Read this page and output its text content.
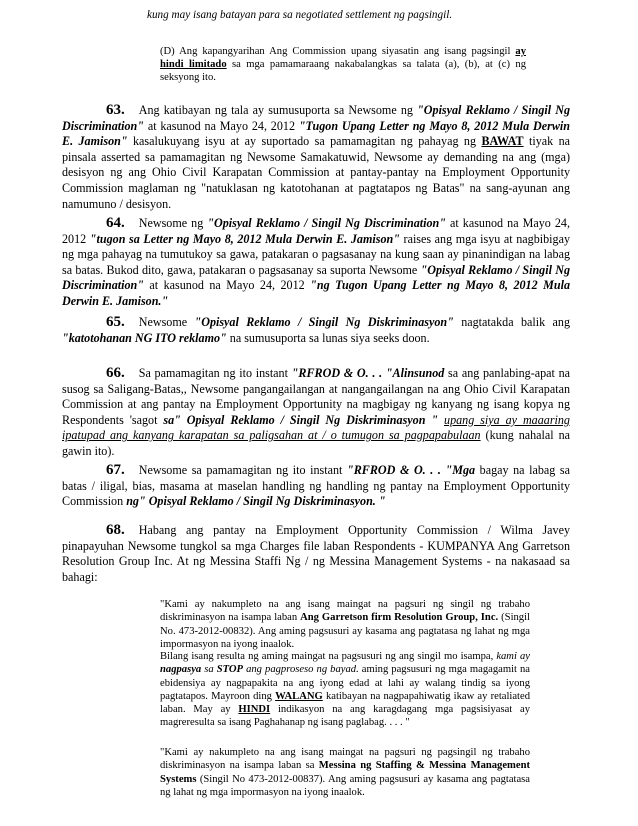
kung may isang batayan para sa negotiated settlement ng pagsingil.
(D) Ang kapangyarihan Ang Commission upang siyasatin ang isang pagsingil ay hindi limitado sa mga pamamaraang nakabalangkas sa talata (a), (b), at (c) ng seksyong ito.
63. Ang katibayan ng tala ay sumusuporta sa Newsome ng "Opisyal Reklamo / Singil Ng Discrimination" at kasunod na Mayo 24, 2012 "Tugon Upang Letter ng Mayo 8, 2012 Mula Derwin E. Jamison" kasalukuyang isyu at ay suportado sa pamamagitan ng pahayag ng BAWAT tiyak na pinsala asserted sa pamamagitan ng Newsome Samakatuwid, Newsome ay demanding na ang (mga) desisyon ng ang Ohio Civil Karapatan Commission at pantay-pantay na Employment Opportunity Commission maglaman ng "natuklasan ng katotohanan at pagtatapos ng Batas" na sang-ayunan ang namumuno / desisyon.
64. Newsome ng "Opisyal Reklamo / Singil Ng Discrimination" at kasunod na Mayo 24, 2012 "tugon sa Letter ng Mayo 8, 2012 Mula Derwin E. Jamison" raises ang mga isyu at nagbibigay ng mga pahayag na tumutukoy sa gawa, patakaran o pagsasanay na kung saan ay pinanindigan na labag sa batas. Bukod dito, gawa, patakaran o pagsasanay sa suporta Newsome "Opisyal Reklamo / Singil Ng Discrimination" at kasunod na Mayo 24, 2012 "ng Tugon Upang Letter ng Mayo 8, 2012 Mula Derwin E. Jamison."
65. Newsome "Opisyal Reklamo / Singil Ng Diskriminasyon" nagtatakda balik ang "katotohanan NG ITO reklamo" na sumusuporta sa lunas siya seeks doon.
66. Sa pamamagitan ng ito instant "RFROD & O. . . "Alinsunod sa ang panlabing-apat na susog sa Saligang-Batas,, Newsome pangangailangan at nangangailangan na ang Ohio Civil Karapatan Commission at ang pantay na Employment Opportunity na magbigay ng kanyang ng isang kopya ng Respondents 'sagot sa" Opisyal Reklamo / Singil Ng Diskriminasyon " upang siya ay maaaring ipatupad ang kanyang karapatan sa paligsahan at / o tumugon sa pagpapabulaan (kung nahalal na gawin ito).
67. Newsome sa pamamagitan ng ito instant "RFROD & O. . . "Mga bagay na labag sa batas / iligal, bias, masama at maselan handling ng handling ng pantay na Employment Opportunity Commission ng" Opisyal Reklamo / Singil Ng Diskriminasyon. "
68. Habang ang pantay na Employment Opportunity Commission / Wilma Javey pinapayuhan Newsome tungkol sa mga Charges file laban Respondents - KUMPANYA Ang Garretson Resolution Group Inc. At ng Messina Staffi Ng / ng Messina Management Systems - na nakasaad sa bahagi:
"Kami ay nakumpleto na ang isang maingat na pagsuri ng singil ng trabaho diskriminasyon na isampa laban Ang Garretson firm Resolution Group, Inc. (Singil No. 473-2012-00832). Ang aming pagsusuri ay kasama ang pagtatasa ng lahat ng mga impormasyon na iyong inaalok.
Bilang isang resulta ng aming maingat na pagsusuri ng ang singil mo isampa, kami ay nagpasya sa STOP ang pagproseso ng bayad. aming pagsusuri ng mga magagamit na ebidensiya ay nagpapakita na ang iyong edad at lahi ay walang tindig sa iyong pagtatapos. Mayroon ding WALANG katibayan na nagpapahiwatig ikaw ay retaliated laban. May ay HINDI indikasyon na ang karagdagang mga pagsisiyasat ay magreresulta sa isang Paghahanap ng isang paglabag. . . . "
"Kami ay nakumpleto na ang isang maingat na pagsuri ng pagsingil ng trabaho diskriminasyon na isampa laban sa Messina ng Staffing & Messina Management Systems (Singil No 473-2012-00837). Ang aming pagsusuri ay kasama ang pagtatasa ng lahat ng mga impormasyon na iyong inaalok.
